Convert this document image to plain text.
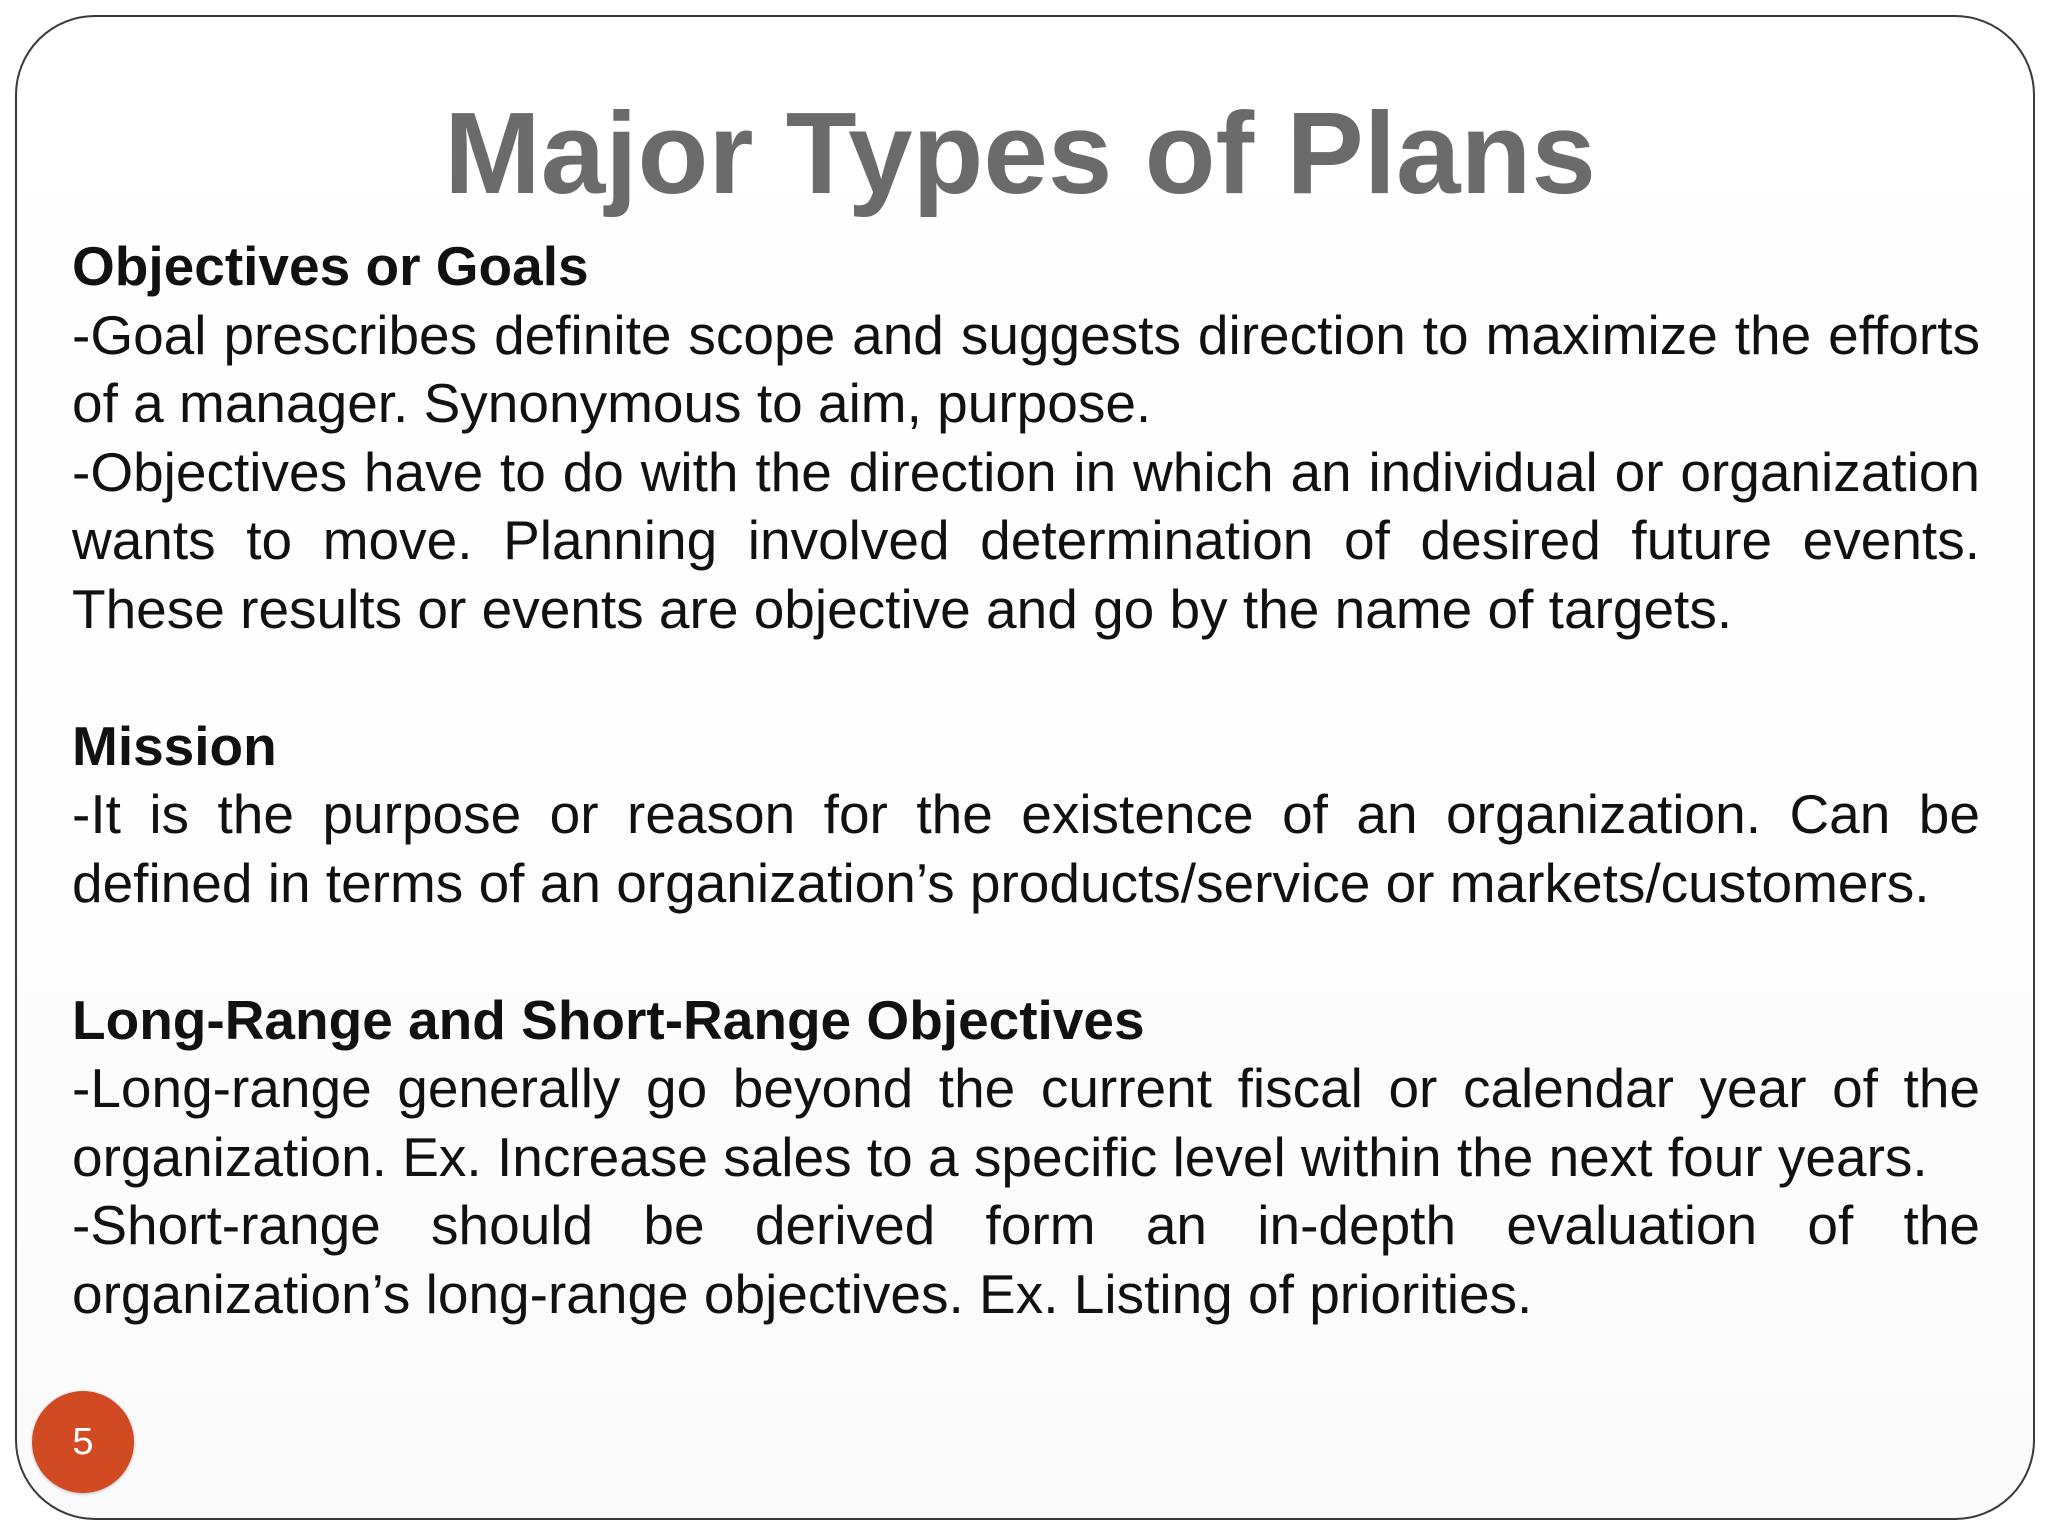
Major Types of Plans

Objectives or Goals

-Goal prescribes definite scope and suggests direction to maximize the efforts of a manager. Synonymous to aim, purpose.

-Objectives have to do with the direction in which an individual or organization wants to move. Planning involved determination of desired future events. These results or events are objective and go by the name of targets.

Mission

-It is the purpose or reason for the existence of an organization. Can be defined in terms of an organization’s products/service or markets/customers.

Long-Range and Short-Range Objectives

-Long-range generally go beyond the current fiscal or calendar year of the organization. Ex. Increase sales to a specific level within the next four years.

-Short-range should be derived form an in-depth evaluation of the organization’s long-range objectives. Ex. Listing of priorities.

5
